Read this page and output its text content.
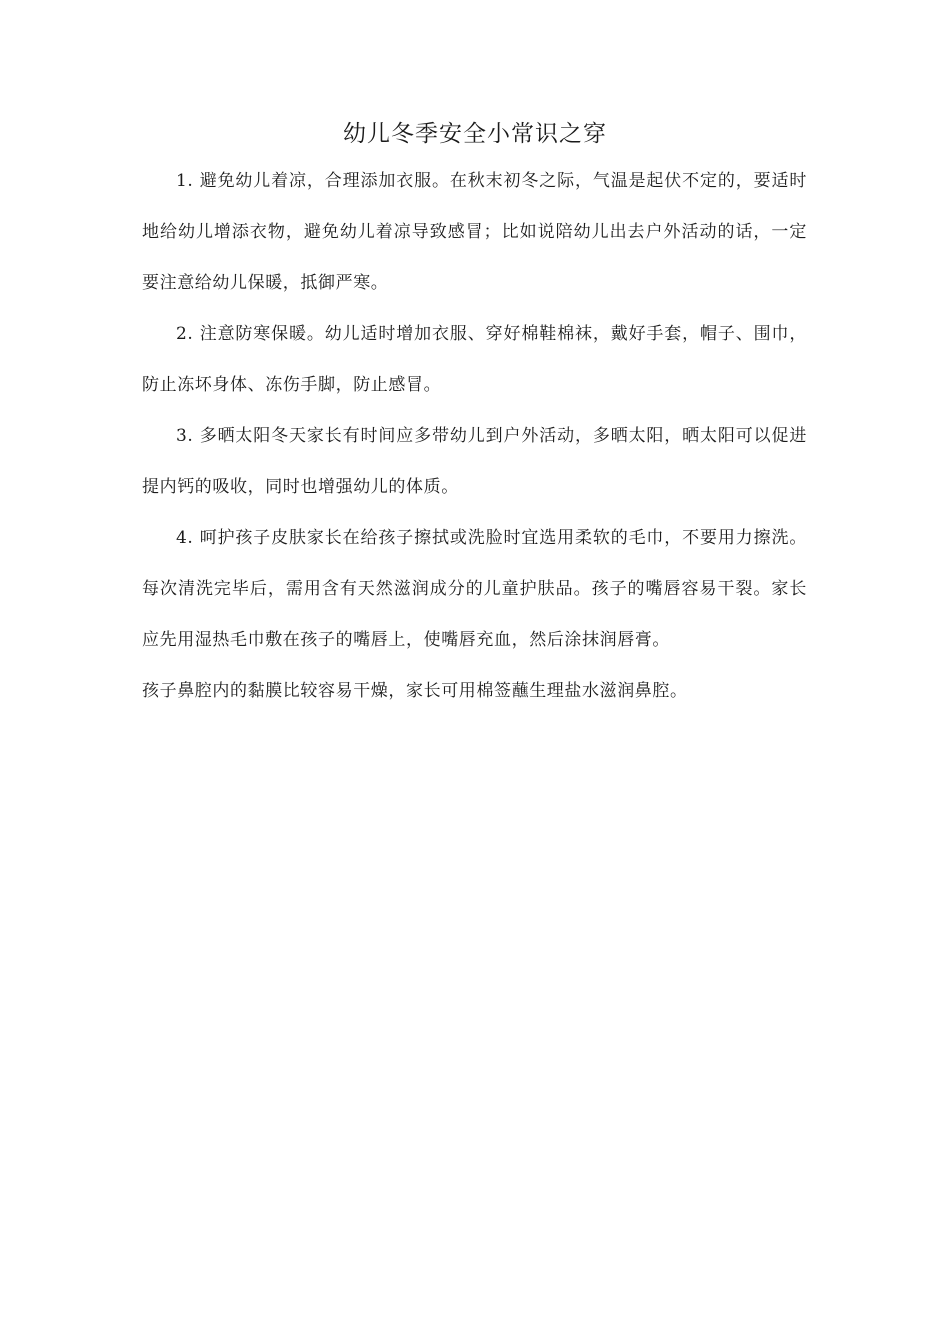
幼儿冬季安全小常识之穿

1. 避免幼儿着凉，合理添加衣服。在秋末初冬之际，气温是起伏不定的，要适时地给幼儿增添衣物，避免幼儿着凉导致感冒；比如说陪幼儿出去户外活动的话，一定要注意给幼儿保暖，抵御严寒。

2. 注意防寒保暖。幼儿适时增加衣服、穿好棉鞋棉袜，戴好手套，帽子、围巾，防止冻坏身体、冻伤手脚，防止感冒。

3. 多晒太阳冬天家长有时间应多带幼儿到户外活动，多晒太阳，晒太阳可以促进提内钙的吸收，同时也增强幼儿的体质。

4. 呵护孩子皮肤家长在给孩子擦拭或洗脸时宜选用柔软的毛巾，不要用力擦洗。每次清洗完毕后，需用含有天然滋润成分的儿童护肤品。孩子的嘴唇容易干裂。家长应先用湿热毛巾敷在孩子的嘴唇上，使嘴唇充血，然后涂抹润唇膏。

孩子鼻腔内的黏膜比较容易干燥，家长可用棉签蘸生理盐水滋润鼻腔。
